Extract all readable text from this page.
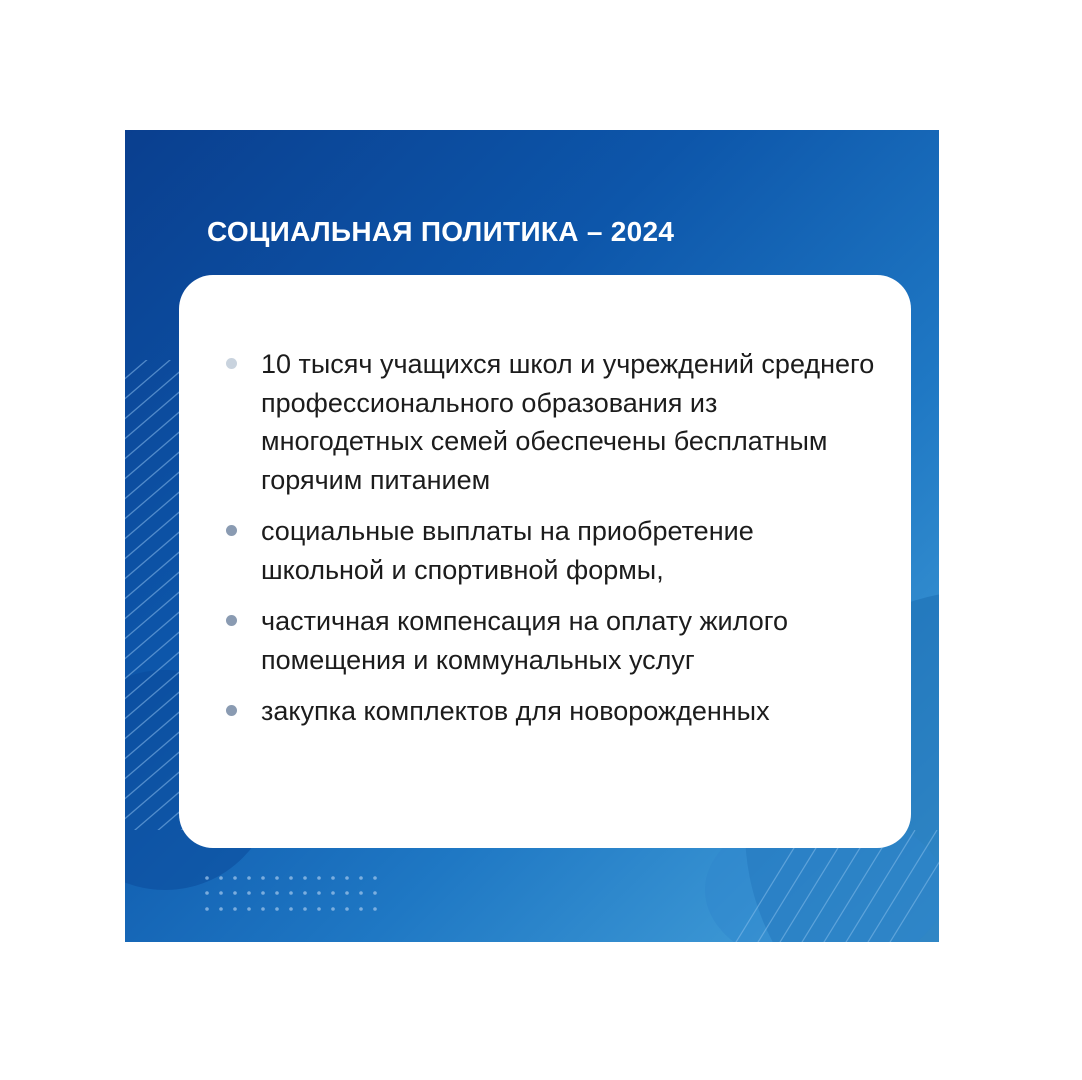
СОЦИАЛЬНАЯ ПОЛИТИКА – 2024
10 тысяч учащихся школ и учреждений среднего профессионального образования из многодетных семей обеспечены бесплатным горячим питанием
социальные выплаты на приобретение школьной и спортивной формы,
частичная компенсация на оплату жилого помещения и коммунальных услуг
закупка комплектов для новорожденных
